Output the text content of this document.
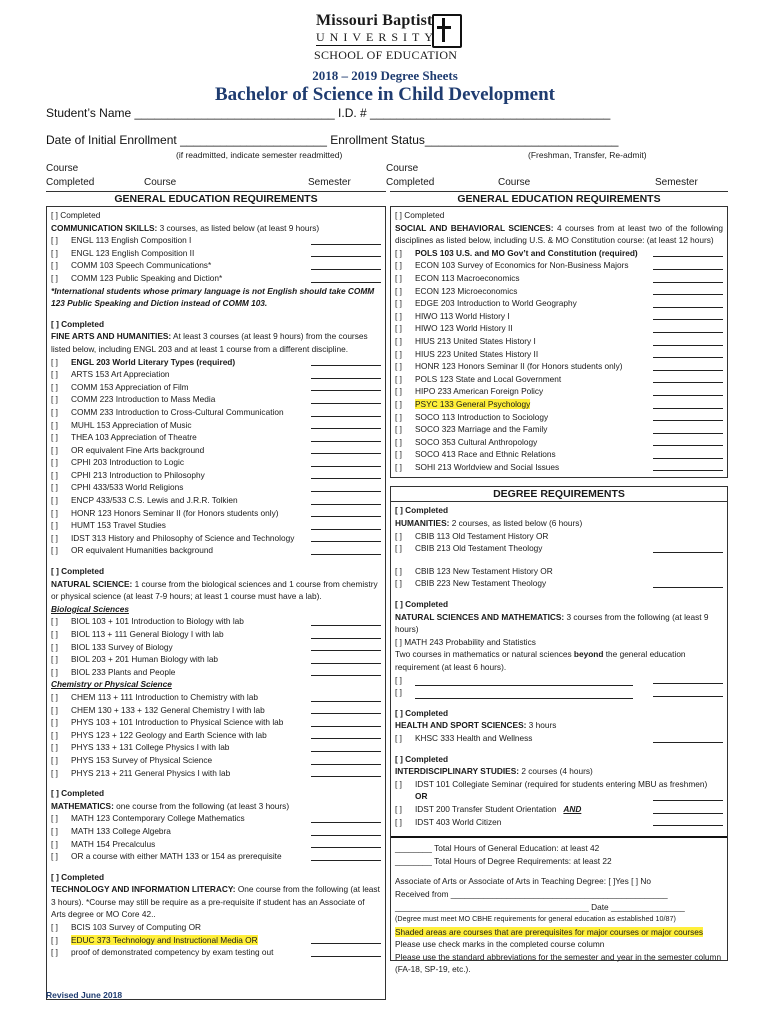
Missouri Baptist
UNIVERSITY
SCHOOL OF EDUCATION
2018 – 2019 Degree Sheets
Bachelor of Science in Child Development
Student’s Name ______________________________ I.D. # ____________________________________
Date of Initial Enrollment ______________________ Enrollment Status_____________________________
(if readmitted, indicate semester readmitted)	(Freshman, Transfer, Re-admit)
Course
Completed	Course	Semester
Course
Completed	Course	Semester
GENERAL EDUCATION REQUIREMENTS
[ ] Completed
COMMUNICATION SKILLS: 3 courses, as listed below (at least 9 hours)
[ ]	ENGL 113 English Composition I
[ ]	ENGL 123 English Composition II
[ ]	COMM 103 Speech Communications*
[ ]	COMM 123 Public Speaking and Diction*
*International students whose primary language is not English should take COMM 123 Public Speaking and Diction instead of COMM 103.
[ ] Completed
FINE ARTS AND HUMANITIES: At least 3 courses (at least 9 hours) from the courses listed below, including ENGL 203 and at least 1 course from a different discipline.
[ ]	ENGL 203 World Literary Types (required)
[ ]	ARTS 153 Art Appreciation
[ ]	COMM 153 Appreciation of Film
[ ]	COMM 223 Introduction to Mass Media
[ ]	COMM 233 Introduction to Cross-Cultural Communication
[ ]	MUHL 153 Appreciation of Music
[ ]	THEA 103 Appreciation of Theatre
[ ]	OR equivalent Fine Arts background
[ ]	CPHI 203 Introduction to Logic
[ ]	CPHI 213 Introduction to Philosophy
[ ]	CPHI 433/533 World Religions
[ ]	ENCP 433/533 C.S. Lewis and J.R.R. Tolkien
[ ]	HONR 123 Honors Seminar II (for Honors students only)
[ ]	HUMT 153 Travel Studies
[ ]	IDST 313 History and Philosophy of Science and Technology
[ ]	OR equivalent Humanities background
[ ] Completed
NATURAL SCIENCE: 1 course from the biological sciences and 1 course from chemistry or physical science (at least 7-9 hours; at least 1 course must have a lab).
Biological Sciences
[ ]	BIOL 103 + 101 Introduction to Biology with lab
[ ]	BIOL 113 + 111 General Biology I with lab
[ ]	BIOL 133 Survey of Biology
[ ]	BIOL 203 + 201 Human Biology with lab
[ ]	BIOL 233 Plants and People
Chemistry or Physical Science
[ ]	CHEM 113 + 111 Introduction to Chemistry with lab
[ ]	CHEM 130 + 133 + 132 General Chemistry I with lab
[ ]	PHYS 103 + 101 Introduction to Physical Science with lab
[ ]	PHYS 123 + 122 Geology and Earth Science with lab
[ ]	PHYS 133 + 131 College Physics I with lab
[ ]	PHYS 153 Survey of Physical Science
[ ]	PHYS 213 + 211 General Physics I with lab
[ ] Completed
MATHEMATICS: one course from the following (at least 3 hours)
[ ]	MATH 123 Contemporary College Mathematics
[ ]	MATH 133 College Algebra
[ ]	MATH 154 Precalculus
[ ]	OR a course with either MATH 133 or 154 as prerequisite
[ ] Completed
TECHNOLOGY AND INFORMATION LITERACY: One course from the following (at least 3 hours). *Course may still be require as a pre-requisite if student has an Associate of Arts degree or MO Core 42..
[ ]	BCIS 103 Survey of Computing OR
[ ]	EDUC 373 Technology and Instructional Media OR
[ ]	proof of demonstrated competency by exam testing out
Revised June 2018
GENERAL EDUCATION REQUIREMENTS
[ ] Completed
SOCIAL AND BEHAVIORAL SCIENCES: 4 courses from at least two of the following disciplines as listed below, including U.S. & MO Constitution course: (at least 12 hours)
[ ]	POLS 103 U.S. and MO Gov’t and Constitution (required)
[ ]	ECON 103 Survey of Economics for Non-Business Majors
[ ]	ECON 113 Macroeconomics
[ ]	ECON 123 Microeconomics
[ ]	EDGE 203 Introduction to World Geography
[ ]	HIWO 113 World History I
[ ]	HIWO 123 World History II
[ ]	HIUS 213 United States History I
[ ]	HIUS 223 United States History II
[ ]	HONR 123 Honors Seminar II (for Honors students only)
[ ]	POLS 123 State and Local Government
[ ]	HIPO 233 American Foreign Policy
[ ]	PSYC 133 General Psychology
[ ]	SOCO 113 Introduction to Sociology
[ ]	SOCO 323 Marriage and the Family
[ ]	SOCO 353 Cultural Anthropology
[ ]	SOCO 413 Race and Ethnic Relations
[ ]	SOHI 213 Worldview and Social Issues
DEGREE REQUIREMENTS
[ ] Completed
HUMANITIES: 2 courses, as listed below (6 hours)
[ ]	CBIB 113 Old Testament History OR
[ ]	CBIB 213 Old Testament Theology
[ ]	CBIB 123 New Testament History OR
[ ]	CBIB 223 New Testament Theology
[ ] Completed
NATURAL SCIENCES AND MATHEMATICS: 3 courses from the following (at least 9 hours)
[ ] MATH 243 Probability and Statistics
Two courses in mathematics or natural sciences beyond the general education requirement (at least 6 hours).
[ ]
[ ]
[ ] Completed
HEALTH AND SPORT SCIENCES: 3 hours
[ ]	KHSC 333 Health and Wellness
[ ] Completed
INTERDISCIPLINARY STUDIES: 2 courses (4 hours)
[ ]	IDST 101 Collegiate Seminar (required for students entering MBU as freshmen)
OR
[ ]	IDST 200 Transfer Student Orientation AND
[ ]	IDST 403 World Citizen
________ Total Hours of General Education: at least 42
________ Total Hours of Degree Requirements: at least 22
Associate of Arts or Associate of Arts in Teaching Degree: [ ]Yes [ ] No
Received from _______________________________________________
__________________________________________ Date ________________
(Degree must meet MO CBHE requirements for general education as established 10/87)
Shaded areas are courses that are prerequisites for major courses or major courses
Please use check marks in the completed course column
Please use the standard abbreviations for the semester and year in the semester column (FA-18, SP-19, etc.).
